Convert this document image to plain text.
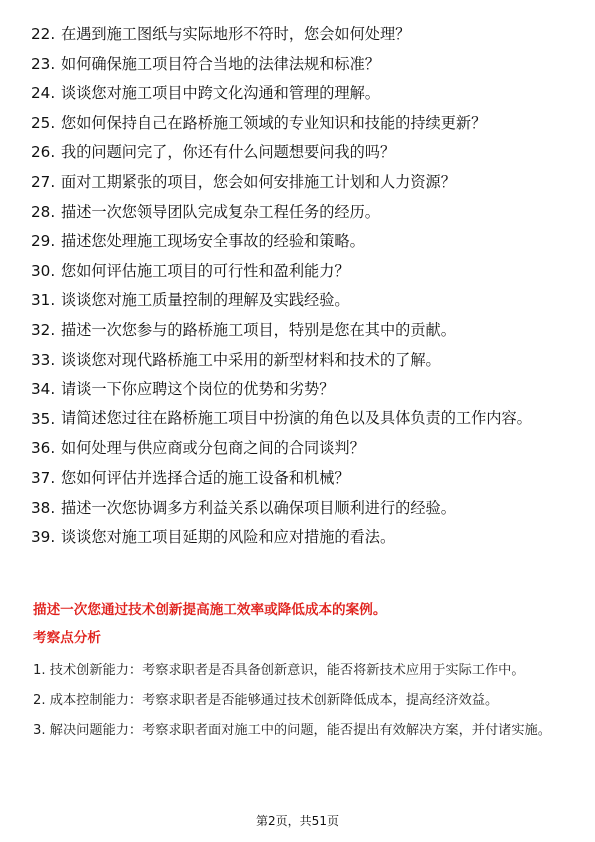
22. 在遇到施工图纸与实际地形不符时，您会如何处理？
23. 如何确保施工项目符合当地的法律法规和标准？
24. 谈谈您对施工项目中跨文化沟通和管理的理解。
25. 您如何保持自己在路桥施工领域的专业知识和技能的持续更新？
26. 我的问题问完了，你还有什么问题想要问我的吗？
27. 面对工期紧张的项目，您会如何安排施工计划和人力资源？
28. 描述一次您领导团队完成复杂工程任务的经历。
29. 描述您处理施工现场安全事故的经验和策略。
30. 您如何评估施工项目的可行性和盈利能力？
31. 谈谈您对施工质量控制的理解及实践经验。
32. 描述一次您参与的路桥施工项目，特别是您在其中的贡献。
33. 谈谈您对现代路桥施工中采用的新型材料和技术的了解。
34. 请谈一下你应聘这个岗位的优势和劣势？
35. 请简述您过往在路桥施工项目中扮演的角色以及具体负责的工作内容。
36. 如何处理与供应商或分包商之间的合同谈判？
37. 您如何评估并选择合适的施工设备和机械？
38. 描述一次您协调多方利益关系以确保项目顺利进行的经验。
39. 谈谈您对施工项目延期的风险和应对措施的看法。
描述一次您通过技术创新提高施工效率或降低成本的案例。
考察点分析
1. 技术创新能力：考察求职者是否具备创新意识，能否将新技术应用于实际工作中。
2. 成本控制能力：考察求职者是否能够通过技术创新降低成本，提高经济效益。
3. 解决问题能力：考察求职者面对施工中的问题，能否提出有效解决方案，并付诸实施。
第2页，共51页
